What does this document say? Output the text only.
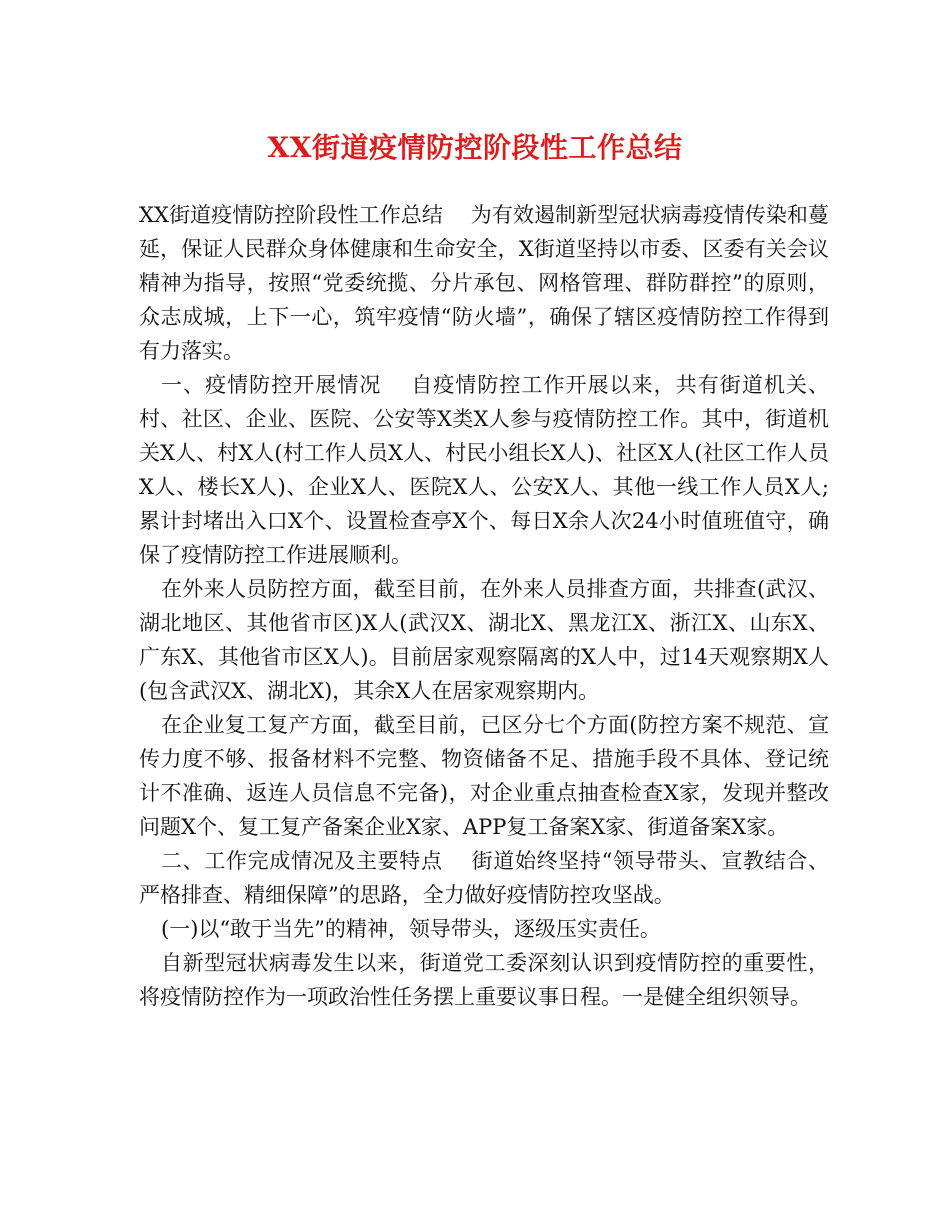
XX街道疫情防控阶段性工作总结

XX街道疫情防控阶段性工作总结　 为有效遏制新型冠状病毒疫情传染和蔓延，保证人民群众身体健康和生命安全，X街道坚持以市委、区委有关会议精神为指导，按照“党委统揽、分片承包、网格管理、群防群控”的原则，众志成城，上下一心，筑牢疫情“防火墙”，确保了辖区疫情防控工作得到有力落实。

一、疫情防控开展情况　 自疫情防控工作开展以来，共有街道机关、村、社区、企业、医院、公安等X类X人参与疫情防控工作。其中，街道机关X人、村X人(村工作人员X人、村民小组长X人)、社区X人(社区工作人员X人、楼长X人)、企业X人、医院X人、公安X人、其他一线工作人员X人;累计封堵出入口X个、设置检查亭X个、每日X余人次24小时值班值守，确保了疫情防控工作进展顺利。

在外来人员防控方面，截至目前，在外来人员排查方面，共排查(武汉、湖北地区、其他省市区)X人(武汉X、湖北X、黑龙江X、浙江X、山东X、广东X、其他省市区X人)。目前居家观察隔离的X人中，过14天观察期X人(包含武汉X、湖北X)，其余X人在居家观察期内。

在企业复工复产方面，截至目前，已区分七个方面(防控方案不规范、宣传力度不够、报备材料不完整、物资储备不足、措施手段不具体、登记统计不准确、返连人员信息不完备)，对企业重点抽查检查X家，发现并整改问题X个、复工复产备案企业X家、APP复工备案X家、街道备案X家。

二、工作完成情况及主要特点　 街道始终坚持“领导带头、宣教结合、严格排查、精细保障”的思路，全力做好疫情防控攻坚战。

(一)以“敢于当先”的精神，领导带头，逐级压实责任。

自新型冠状病毒发生以来，街道党工委深刻认识到疫情防控的重要性，将疫情防控作为一项政治性任务摆上重要议事日程。一是健全组织领导。
